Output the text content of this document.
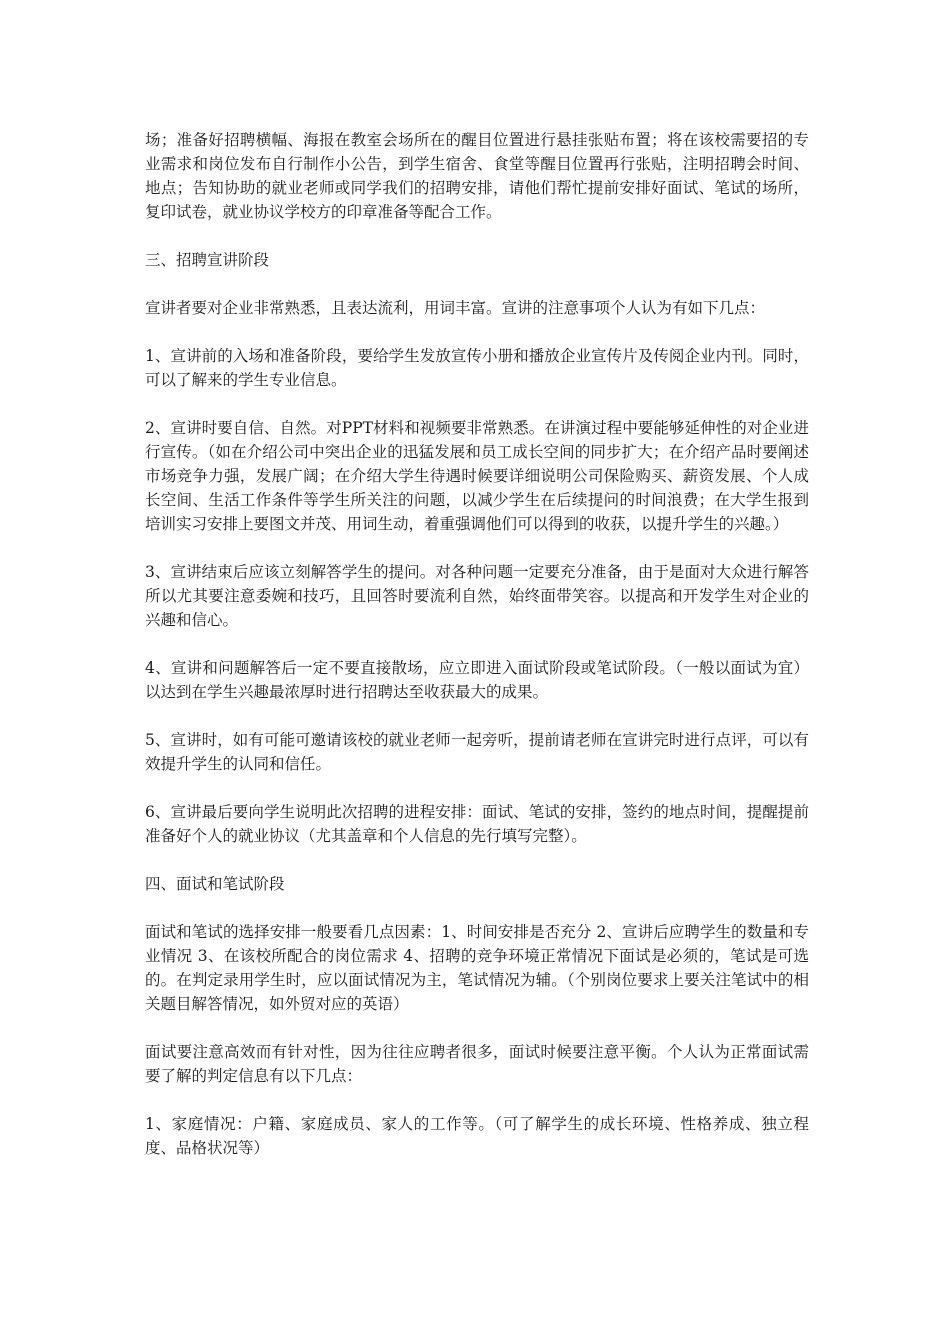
场；准备好招聘横幅、海报在教室会场所在的醒目位置进行悬挂张贴布置；将在该校需要招的专业需求和岗位发布自行制作小公告，到学生宿舍、食堂等醒目位置再行张贴，注明招聘会时间、地点；告知协助的就业老师或同学我们的招聘安排，请他们帮忙提前安排好面试、笔试的场所，复印试卷，就业协议学校方的印章准备等配合工作。

三、招聘宣讲阶段

宣讲者要对企业非常熟悉，且表达流利，用词丰富。宣讲的注意事项个人认为有如下几点：

1、宣讲前的入场和准备阶段，要给学生发放宣传小册和播放企业宣传片及传阅企业内刊。同时，可以了解来的学生专业信息。

2、宣讲时要自信、自然。对PPT材料和视频要非常熟悉。在讲演过程中要能够延伸性的对企业进行宣传。（如在介绍公司中突出企业的迅猛发展和员工成长空间的同步扩大；在介绍产品时要阐述市场竞争力强，发展广阔；在介绍大学生待遇时候要详细说明公司保险购买、薪资发展、个人成长空间、生活工作条件等学生所关注的问题，以减少学生在后续提问的时间浪费；在大学生报到培训实习安排上要图文并茂、用词生动，着重强调他们可以得到的收获，以提升学生的兴趣。）

3、宣讲结束后应该立刻解答学生的提问。对各种问题一定要充分准备，由于是面对大众进行解答所以尤其要注意委婉和技巧，且回答时要流利自然，始终面带笑容。以提高和开发学生对企业的兴趣和信心。

4、宣讲和问题解答后一定不要直接散场，应立即进入面试阶段或笔试阶段。（一般以面试为宜）以达到在学生兴趣最浓厚时进行招聘达至收获最大的成果。

5、宣讲时，如有可能可邀请该校的就业老师一起旁听，提前请老师在宣讲完时进行点评，可以有效提升学生的认同和信任。

6、宣讲最后要向学生说明此次招聘的进程安排：面试、笔试的安排，签约的地点时间，提醒提前准备好个人的就业协议（尤其盖章和个人信息的先行填写完整）。

四、面试和笔试阶段

面试和笔试的选择安排一般要看几点因素：1、时间安排是否充分 2、宣讲后应聘学生的数量和专业情况 3、在该校所配合的岗位需求 4、招聘的竞争环境正常情况下面试是必须的，笔试是可选的。在判定录用学生时，应以面试情况为主，笔试情况为辅。（个别岗位要求上要关注笔试中的相关题目解答情况，如外贸对应的英语）

面试要注意高效而有针对性，因为往往应聘者很多，面试时候要注意平衡。个人认为正常面试需要了解的判定信息有以下几点：

1、家庭情况：户籍、家庭成员、家人的工作等。（可了解学生的成长环境、性格养成、独立程度、品格状况等）
